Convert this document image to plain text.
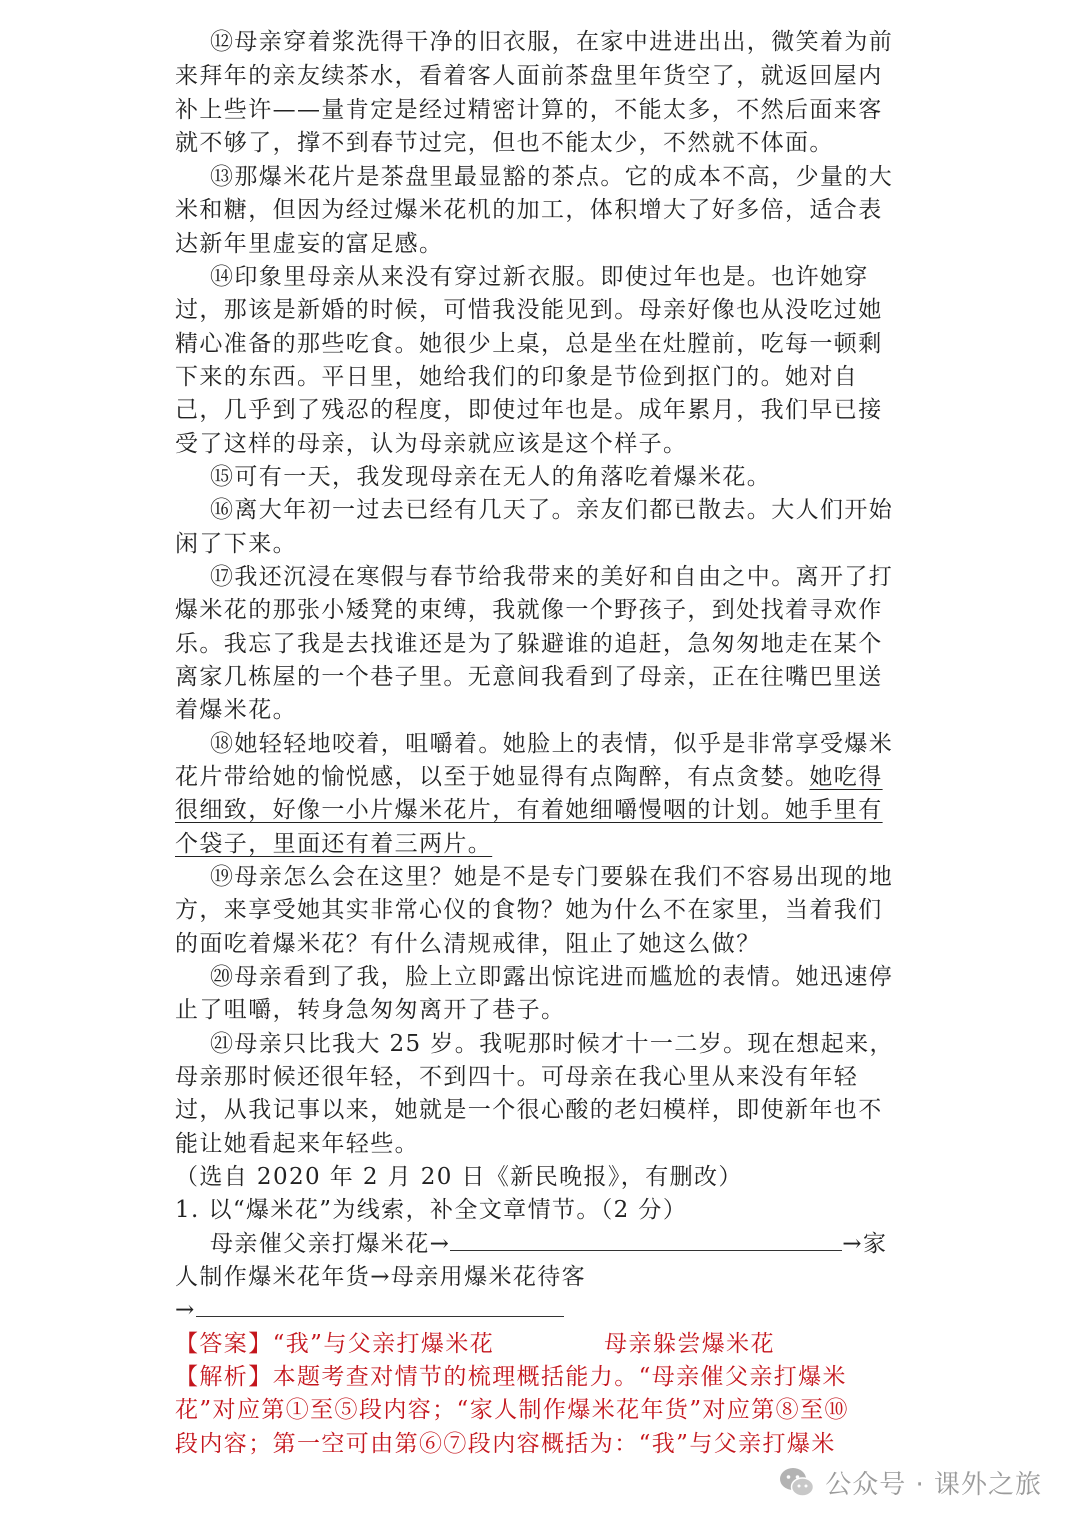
⑫母亲穿着浆洗得干净的旧衣服，在家中进进出出，微笑着为前
来拜年的亲友续茶水，看着客人面前茶盘里年货空了，就返回屋内
补上些许——量肯定是经过精密计算的，不能太多，不然后面来客
就不够了，撑不到春节过完，但也不能太少，不然就不体面。
⑬那爆米花片是茶盘里最显豁的茶点。它的成本不高，少量的大
米和糖，但因为经过爆米花机的加工，体积增大了好多倍，适合表
达新年里虚妄的富足感。
⑭印象里母亲从来没有穿过新衣服。即使过年也是。也许她穿
过，那该是新婚的时候，可惜我没能见到。母亲好像也从没吃过她
精心准备的那些吃食。她很少上桌，总是坐在灶膛前，吃每一顿剩
下来的东西。平日里，她给我们的印象是节俭到抠门的。她对自
己，几乎到了残忍的程度，即使过年也是。成年累月，我们早已接
受了这样的母亲，认为母亲就应该是这个样子。
⑮可有一天，我发现母亲在无人的角落吃着爆米花。
⑯离大年初一过去已经有几天了。亲友们都已散去。大人们开始
闲了下来。
⑰我还沉浸在寒假与春节给我带来的美好和自由之中。离开了打
爆米花的那张小矮凳的束缚，我就像一个野孩子，到处找着寻欢作
乐。我忘了我是去找谁还是为了躲避谁的追赶，急匆匆地走在某个
离家几栋屋的一个巷子里。无意间我看到了母亲，正在往嘴巴里送
着爆米花。
⑱她轻轻地咬着，咀嚼着。她脸上的表情，似乎是非常享受爆米
花片带给她的愉悦感，以至于她显得有点陶醉，有点贪婪。她吃得
很细致，好像一小片爆米花片，有着她细嚼慢咽的计划。她手里有
个袋子，里面还有着三两片。
⑲母亲怎么会在这里？她是不是专门要躲在我们不容易出现的地
方，来享受她其实非常心仪的食物？她为什么不在家里，当着我们
的面吃着爆米花？有什么清规戒律，阻止了她这么做？
⑳母亲看到了我，脸上立即露出惊诧进而尴尬的表情。她迅速停
止了咀嚼，转身急匆匆离开了巷子。
㉑母亲只比我大 25 岁。我呢那时候才十一二岁。现在想起来，
母亲那时候还很年轻，不到四十。可母亲在我心里从来没有年轻
过，从我记事以来，她就是一个很心酸的老妇模样，即使新年也不
能让她看起来年轻些。
（选自 2020 年 2 月 20 日《新民晚报》，有删改）
1. 以“爆米花”为线索，补全文章情节。（2 分）
母亲催父亲打爆米花→	→家
人制作爆米花年货→母亲用爆米花待客
→
【答案】“我”与父亲打爆米花	母亲躲尝爆米花
【解析】本题考查对情节的梳理概括能力。“母亲催父亲打爆米
花”对应第①至⑤段内容；“家人制作爆米花年货”对应第⑧至⑩
段内容；第一空可由第⑥⑦段内容概括为：“我”与父亲打爆米
公众号 · 课外之旅
